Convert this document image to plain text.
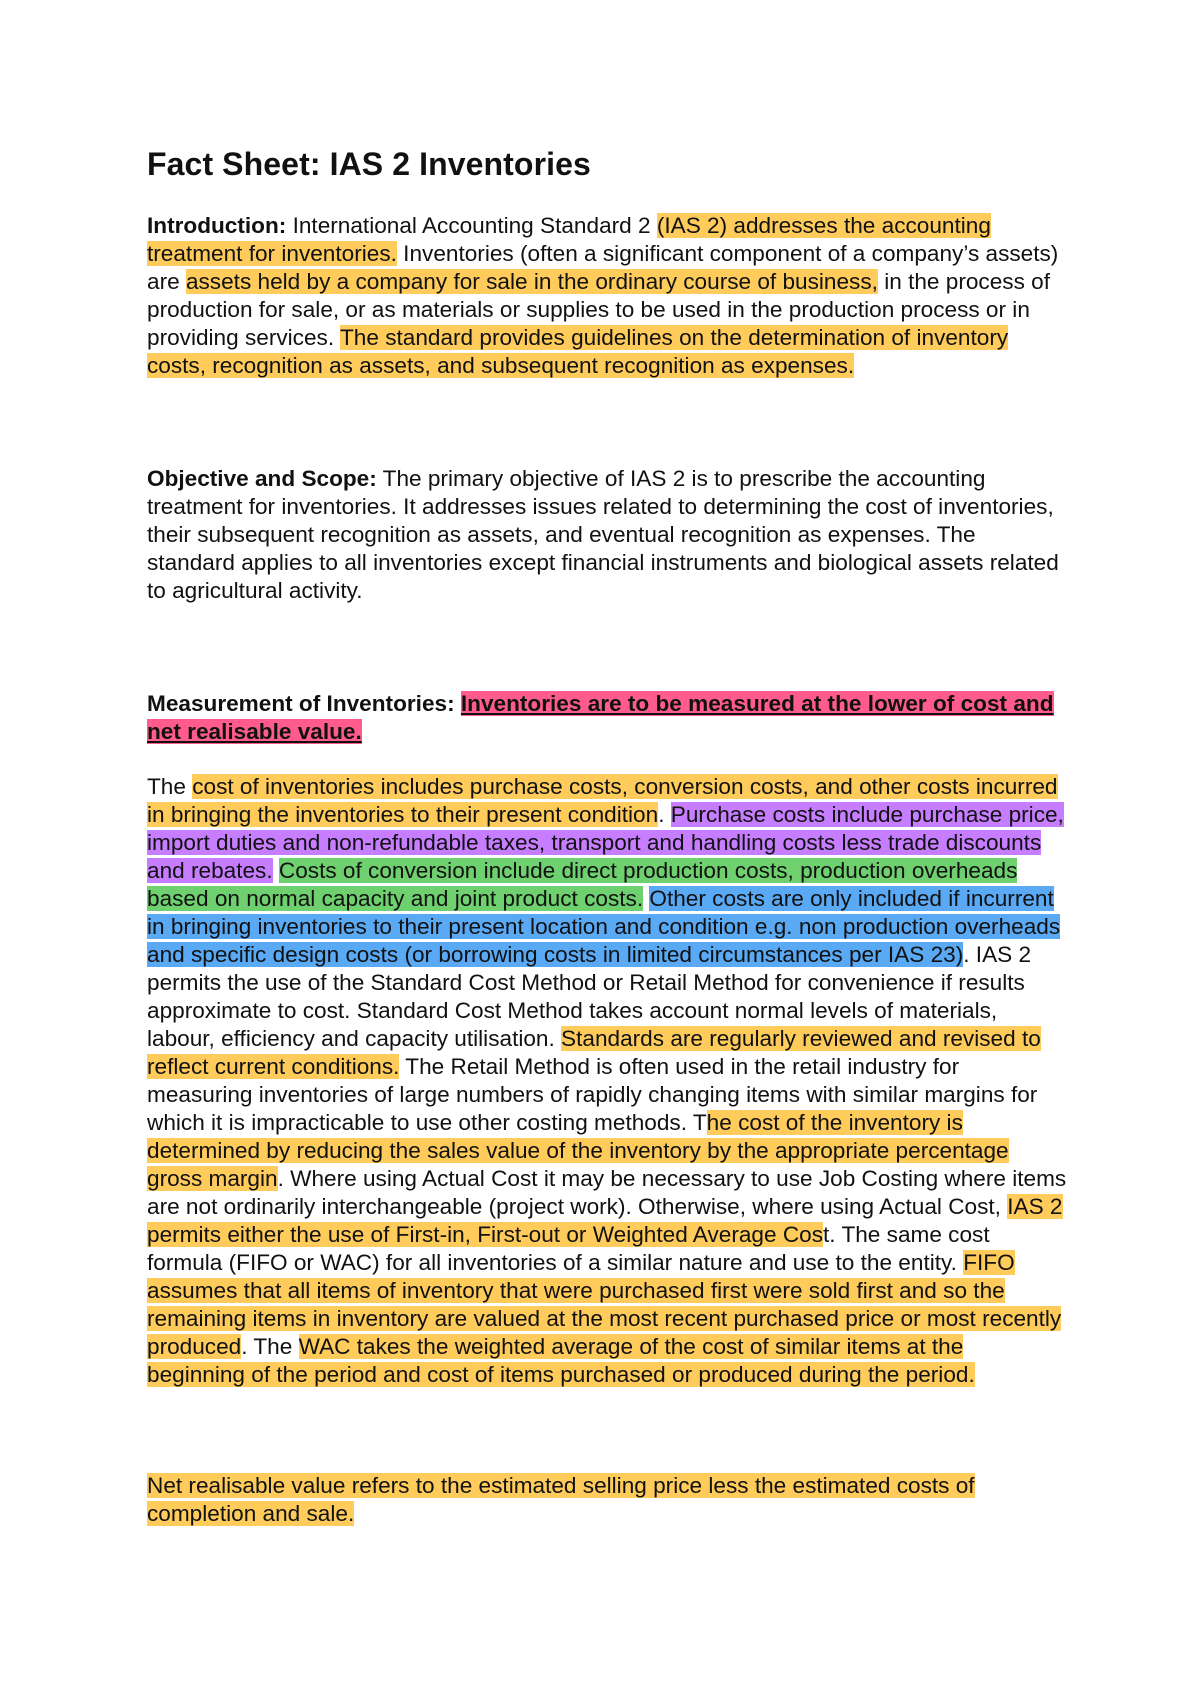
Fact Sheet: IAS 2 Inventories

Introduction: International Accounting Standard 2 (IAS 2) addresses the accounting treatment for inventories. Inventories (often a significant component of a company’s assets) are assets held by a company for sale in the ordinary course of business, in the process of production for sale, or as materials or supplies to be used in the production process or in providing services. The standard provides guidelines on the determination of inventory costs, recognition as assets, and subsequent recognition as expenses.

Objective and Scope: The primary objective of IAS 2 is to prescribe the accounting treatment for inventories. It addresses issues related to determining the cost of inventories, their subsequent recognition as assets, and eventual recognition as expenses. The standard applies to all inventories except financial instruments and biological assets related to agricultural activity.

Measurement of Inventories: Inventories are to be measured at the lower of cost and net realisable value.

The cost of inventories includes purchase costs, conversion costs, and other costs incurred in bringing the inventories to their present condition. Purchase costs include purchase price, import duties and non-refundable taxes, transport and handling costs less trade discounts and rebates. Costs of conversion include direct production costs, production overheads based on normal capacity and joint product costs. Other costs are only included if incurrent in bringing inventories to their present location and condition e.g. non production overheads and specific design costs (or borrowing costs in limited circumstances per IAS 23). IAS 2 permits the use of the Standard Cost Method or Retail Method for convenience if results approximate to cost. Standard Cost Method takes account normal levels of materials, labour, efficiency and capacity utilisation. Standards are regularly reviewed and revised to reflect current conditions. The Retail Method is often used in the retail industry for measuring inventories of large numbers of rapidly changing items with similar margins for which it is impracticable to use other costing methods. The cost of the inventory is determined by reducing the sales value of the inventory by the appropriate percentage gross margin. Where using Actual Cost it may be necessary to use Job Costing where items are not ordinarily interchangeable (project work). Otherwise, where using Actual Cost, IAS 2 permits either the use of First-in, First-out or Weighted Average Cost. The same cost formula (FIFO or WAC) for all inventories of a similar nature and use to the entity. FIFO assumes that all items of inventory that were purchased first were sold first and so the remaining items in inventory are valued at the most recent purchased price or most recently produced. The WAC takes the weighted average of the cost of similar items at the beginning of the period and cost of items purchased or produced during the period.

Net realisable value refers to the estimated selling price less the estimated costs of completion and sale.
